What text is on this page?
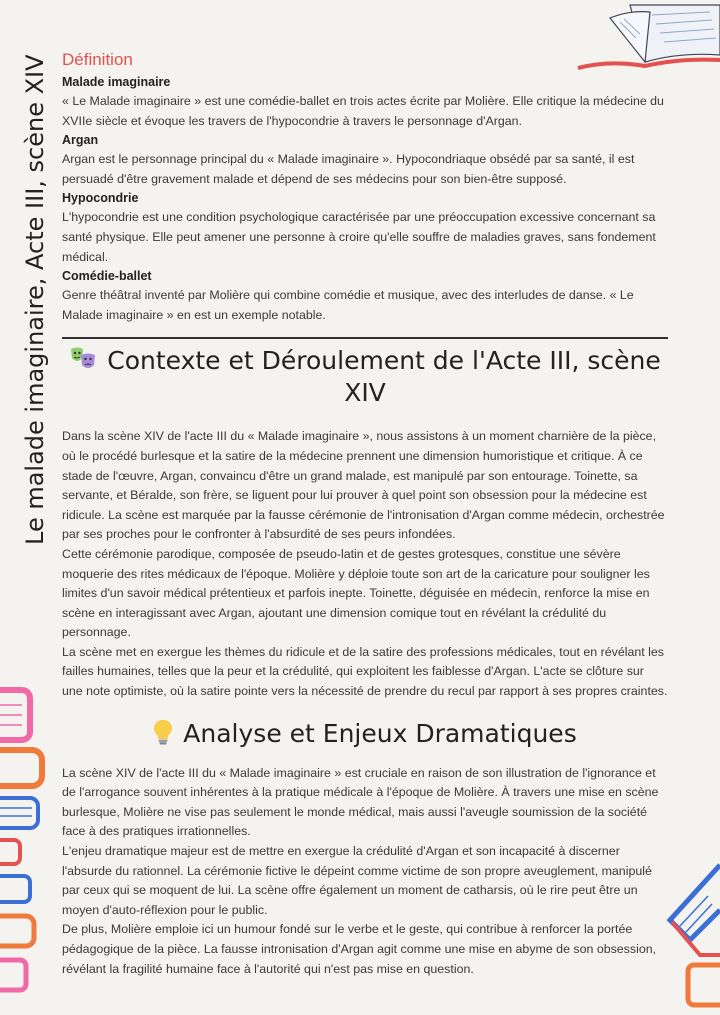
Le malade imaginaire, Acte III, scène XIV Définition
Malade imaginaire

« Le Malade imaginaire » est une comédie-ballet en trois actes écrite par Molière. Elle critique la médecine du XVIIe siècle et évoque les travers de l'hypocondrie à travers le personnage d'Argan.

Argan

Argan est le personnage principal du « Malade imaginaire ». Hypocondriaque obsédé par sa santé, il est persuadé d'être gravement malade et dépend de ses médecins pour son bien-être supposé.

Hypocondrie

L'hypocondrie est une condition psychologique caractérisée par une préoccupation excessive concernant sa santé physique. Elle peut amener une personne à croire qu'elle souffre de maladies graves, sans fondement médical.

Comédie-ballet

Genre théâtral inventé par Molière qui combine comédie et musique, avec des interludes de danse. « Le Malade imaginaire » en est un exemple notable.

Contexte et Déroulement de l'Acte III, scène XIV

Dans la scène XIV de l'acte III du « Malade imaginaire », nous assistons à un moment charnière de la pièce, où le procédé burlesque et la satire de la médecine prennent une dimension humoristique et critique. À ce stade de l'œuvre, Argan, convaincu d'être un grand malade, est manipulé par son entourage. Toinette, sa servante, et Béralde, son frère, se liguent pour lui prouver à quel point son obsession pour la médecine est ridicule. La scène est marquée par la fausse cérémonie de l'intronisation d'Argan comme médecin, orchestrée par ses proches pour le confronter à l'absurdité de ses peurs infondées.

Cette cérémonie parodique, composée de pseudo-latin et de gestes grotesques, constitue une sévère moquerie des rites médicaux de l'époque. Molière y déploie toute son art de la caricature pour souligner les limites d'un savoir médical prétentieux et parfois inepte. Toinette, déguisée en médecin, renforce la mise en scène en interagissant avec Argan, ajoutant une dimension comique tout en révélant la crédulité du personnage.

La scène met en exergue les thèmes du ridicule et de la satire des professions médicales, tout en révélant les failles humaines, telles que la peur et la crédulité, qui exploitent les faiblesse d'Argan. L'acte se clôture sur une note optimiste, où la satire pointe vers la nécessité de prendre du recul par rapport à ses propres craintes.

Analyse et Enjeux Dramatiques

La scène XIV de l'acte III du « Malade imaginaire » est cruciale en raison de son illustration de l'ignorance et de l'arrogance souvent inhérentes à la pratique médicale à l'époque de Molière. À travers une mise en scène burlesque, Molière ne vise pas seulement le monde médical, mais aussi l'aveugle soumission de la société face à des pratiques irrationnelles.

L'enjeu dramatique majeur est de mettre en exergue la crédulité d'Argan et son incapacité à discerner l'absurde du rationnel. La cérémonie fictive le dépeint comme victime de son propre aveuglement, manipulé par ceux qui se moquent de lui. La scène offre également un moment de catharsis, où le rire peut être un moyen d'auto-réflexion pour le public.

De plus, Molière emploie ici un humour fondé sur le verbe et le geste, qui contribue à renforcer la portée pédagogique de la pièce. La fausse intronisation d'Argan agit comme une mise en abyme de son obsession, révélant la fragilité humaine face à l'autorité qui n'est pas mise en question.
